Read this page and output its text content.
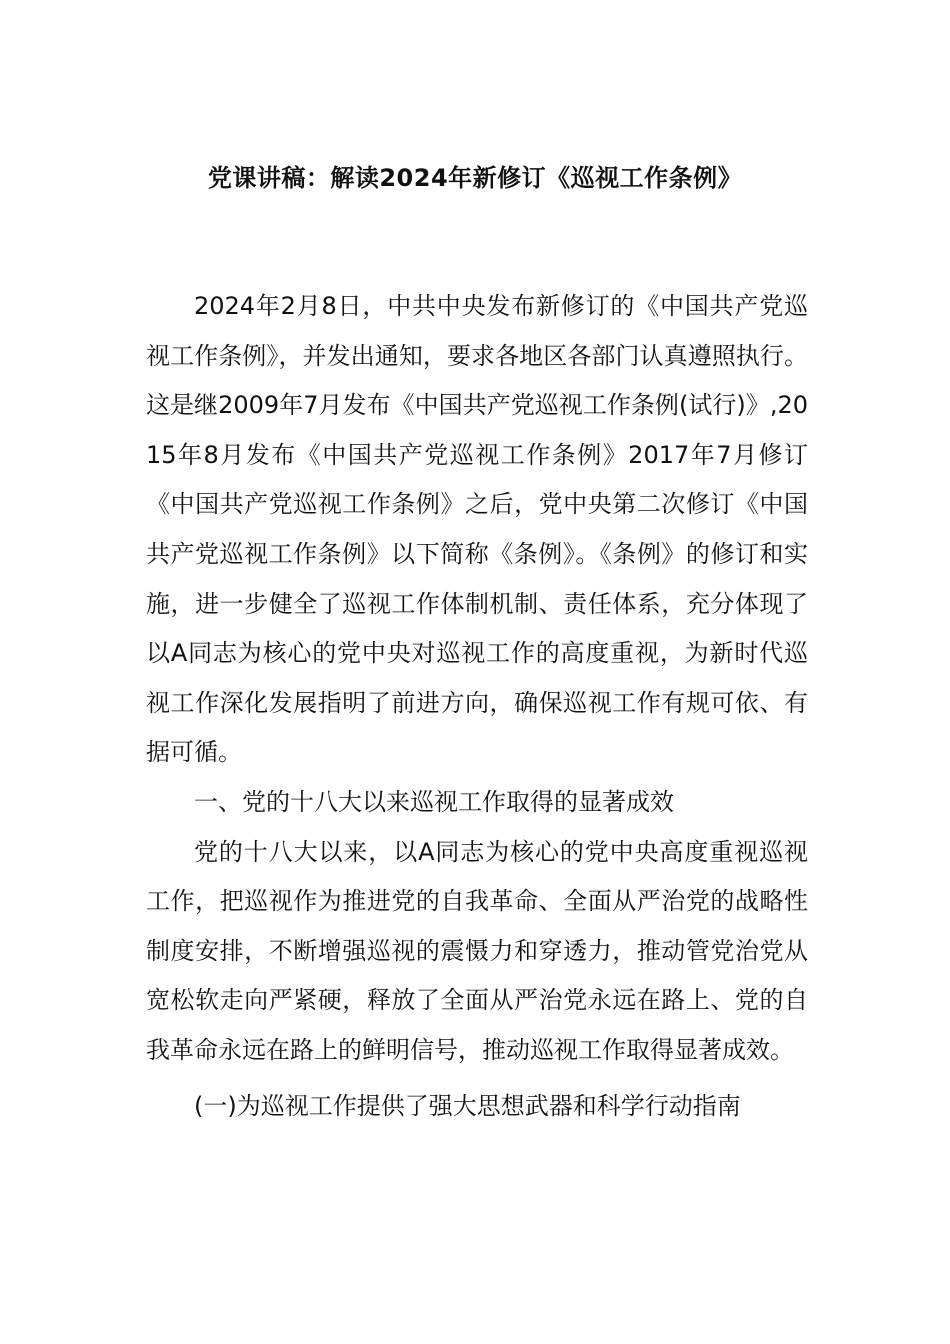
党课讲稿：解读2024年新修订《巡视工作条例》

2024年2月8日，中共中央发布新修订的《中国共产党巡视工作条例》，并发出通知，要求各地区各部门认真遵照执行。这是继2009年7月发布《中国共产党巡视工作条例(试行)》,2015年8月发布《中国共产党巡视工作条例》2017年7月修订《中国共产党巡视工作条例》之后，党中央第二次修订《中国共产党巡视工作条例》以下简称《条例》。《条例》的修订和实施，进一步健全了巡视工作体制机制、责任体系，充分体现了以A同志为核心的党中央对巡视工作的高度重视，为新时代巡视工作深化发展指明了前进方向，确保巡视工作有规可依、有据可循。

一、党的十八大以来巡视工作取得的显著成效

党的十八大以来，以A同志为核心的党中央高度重视巡视工作，把巡视作为推进党的自我革命、全面从严治党的战略性制度安排，不断增强巡视的震慑力和穿透力，推动管党治党从宽松软走向严紧硬，释放了全面从严治党永远在路上、党的自我革命永远在路上的鲜明信号，推动巡视工作取得显著成效。

(一)为巡视工作提供了强大思想武器和科学行动指南
